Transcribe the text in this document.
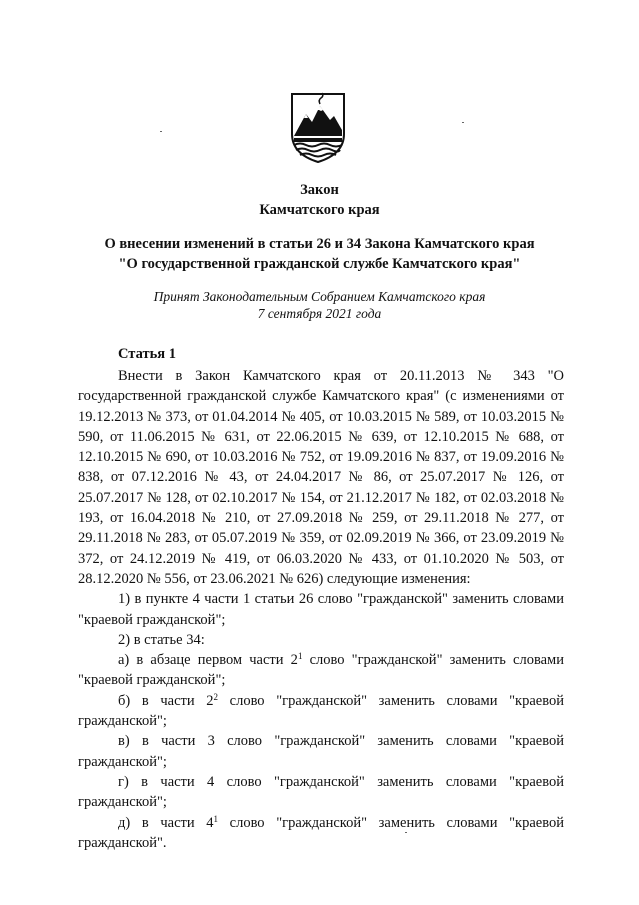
Закон
Камчатского края
О внесении изменений в статьи 26 и 34 Закона Камчатского края
"О государственной гражданской службе Камчатского края"
Принят Законодательным Собранием Камчатского края
7 сентября 2021 года
Статья 1

Внести в Закон Камчатского края от 20.11.2013 № 343 "О государственной гражданской службе Камчатского края" (с изменениями от 19.12.2013 № 373, от 01.04.2014 № 405, от 10.03.2015 № 589, от 10.03.2015 № 590, от 11.06.2015 № 631, от 22.06.2015 № 639, от 12.10.2015 № 688, от 12.10.2015 № 690, от 10.03.2016 № 752, от 19.09.2016 № 837, от 19.09.2016 № 838, от 07.12.2016 № 43, от 24.04.2017 № 86, от 25.07.2017 № 126, от 25.07.2017 № 128, от 02.10.2017 № 154, от 21.12.2017 № 182, от 02.03.2018 № 193, от 16.04.2018 № 210, от 27.09.2018 № 259, от 29.11.2018 № 277, от 29.11.2018 № 283, от 05.07.2019 № 359, от 02.09.2019 № 366, от 23.09.2019 № 372, от 24.12.2019 № 419, от 06.03.2020 № 433, от 01.10.2020 № 503, от 28.12.2020 № 556, от 23.06.2021 № 626) следующие изменения:

1) в пункте 4 части 1 статьи 26 слово "гражданской" заменить словами "краевой гражданской";

2) в статье 34:

а) в абзаце первом части $2^1$ слово "гражданской" заменить словами "краевой гражданской";

б) в части $2^2$ слово "гражданской" заменить словами "краевой гражданской";

в) в части 3 слово "гражданской" заменить словами "краевой гражданской";

г) в части 4 слово "гражданской" заменить словами "краевой гражданской";

д) в части $4^1$ слово "гражданской" заменить словами "краевой гражданской".
